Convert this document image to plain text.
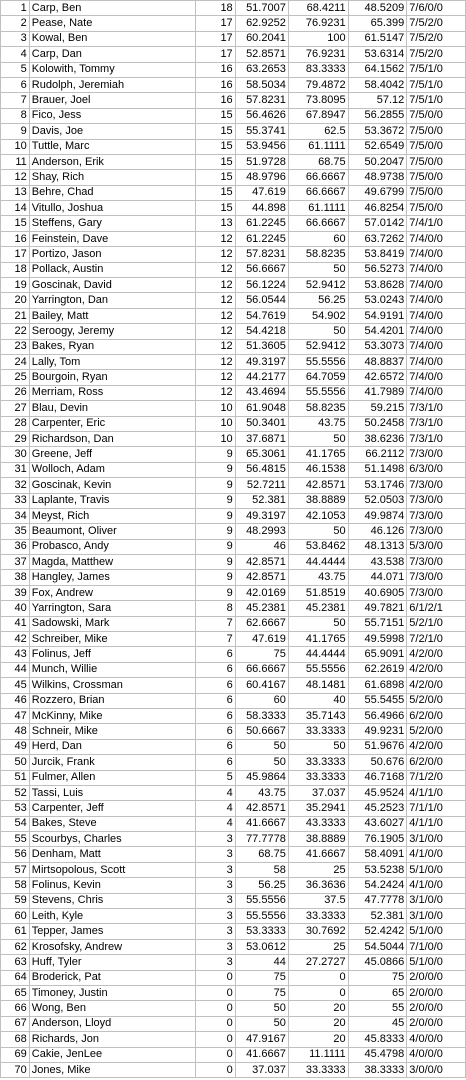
1	Carp, Ben	18	51.7007	68.4211	48.5209	7/6/0/0
2	Pease, Nate	17	62.9252	76.9231	65.399	7/5/2/0
3	Kowal, Ben	17	60.2041	100	61.5147	7/5/2/0
4	Carp, Dan	17	52.8571	76.9231	53.6314	7/5/2/0
5	Kolowith, Tommy	16	63.2653	83.3333	64.1562	7/5/1/0
6	Rudolph, Jeremiah	16	58.5034	79.4872	58.4042	7/5/1/0
7	Brauer, Joel	16	57.8231	73.8095	57.12	7/5/1/0
8	Fico, Jess	15	56.4626	67.8947	56.2855	7/5/0/0
9	Davis, Joe	15	55.3741	62.5	53.3672	7/5/0/0
10	Tuttle, Marc	15	53.9456	61.1111	52.6549	7/5/0/0
11	Anderson, Erik	15	51.9728	68.75	50.2047	7/5/0/0
12	Shay, Rich	15	48.9796	66.6667	48.9738	7/5/0/0
13	Behre, Chad	15	47.619	66.6667	49.6799	7/5/0/0
14	Vitullo, Joshua	15	44.898	61.1111	46.8254	7/5/0/0
15	Steffens, Gary	13	61.2245	66.6667	57.0142	7/4/1/0
16	Feinstein, Dave	12	61.2245	60	63.7262	7/4/0/0
17	Portizo, Jason	12	57.8231	58.8235	53.8419	7/4/0/0
18	Pollack, Austin	12	56.6667	50	56.5273	7/4/0/0
19	Goscinak, David	12	56.1224	52.9412	53.8628	7/4/0/0
20	Yarrington, Dan	12	56.0544	56.25	53.0243	7/4/0/0
21	Bailey, Matt	12	54.7619	54.902	54.9191	7/4/0/0
22	Seroogy, Jeremy	12	54.4218	50	54.4201	7/4/0/0
23	Bakes, Ryan	12	51.3605	52.9412	53.3073	7/4/0/0
24	Lally, Tom	12	49.3197	55.5556	48.8837	7/4/0/0
25	Bourgoin, Ryan	12	44.2177	64.7059	42.6572	7/4/0/0
26	Merriam, Ross	12	43.4694	55.5556	41.7989	7/4/0/0
27	Blau, Devin	10	61.9048	58.8235	59.215	7/3/1/0
28	Carpenter, Eric	10	50.3401	43.75	50.2458	7/3/1/0
29	Richardson, Dan	10	37.6871	50	38.6236	7/3/1/0
30	Greene, Jeff	9	65.3061	41.1765	66.2112	7/3/0/0
31	Wolloch, Adam	9	56.4815	46.1538	51.1498	6/3/0/0
32	Goscinak, Kevin	9	52.7211	42.8571	53.1746	7/3/0/0
33	Laplante, Travis	9	52.381	38.8889	52.0503	7/3/0/0
34	Meyst, Rich	9	49.3197	42.1053	49.9874	7/3/0/0
35	Beaumont, Oliver	9	48.2993	50	46.126	7/3/0/0
36	Probasco, Andy	9	46	53.8462	48.1313	5/3/0/0
37	Magda, Matthew	9	42.8571	44.4444	43.538	7/3/0/0
38	Hangley, James	9	42.8571	43.75	44.071	7/3/0/0
39	Fox, Andrew	9	42.0169	51.8519	40.6905	7/3/0/0
40	Yarrington, Sara	8	45.2381	45.2381	49.7821	6/1/2/1
41	Sadowski, Mark	7	62.6667	50	55.7151	5/2/1/0
42	Schreiber, Mike	7	47.619	41.1765	49.5998	7/2/1/0
43	Folinus, Jeff	6	75	44.4444	65.9091	4/2/0/0
44	Munch, Willie	6	66.6667	55.5556	62.2619	4/2/0/0
45	Wilkins, Crossman	6	60.4167	48.1481	61.6898	4/2/0/0
46	Rozzero, Brian	6	60	40	55.5455	5/2/0/0
47	McKinny, Mike	6	58.3333	35.7143	56.4966	6/2/0/0
48	Schneir, Mike	6	50.6667	33.3333	49.9231	5/2/0/0
49	Herd, Dan	6	50	50	51.9676	4/2/0/0
50	Jurcik, Frank	6	50	33.3333	50.676	6/2/0/0
51	Fulmer, Allen	5	45.9864	33.3333	46.7168	7/1/2/0
52	Tassi, Luis	4	43.75	37.037	45.9524	4/1/1/0
53	Carpenter, Jeff	4	42.8571	35.2941	45.2523	7/1/1/0
54	Bakes, Steve	4	41.6667	43.3333	43.6027	4/1/1/0
55	Scourbys, Charles	3	77.7778	38.8889	76.1905	3/1/0/0
56	Denham, Matt	3	68.75	41.6667	58.4091	4/1/0/0
57	Mirtsopolous, Scott	3	58	25	53.5238	5/1/0/0
58	Folinus, Kevin	3	56.25	36.3636	54.2424	4/1/0/0
59	Stevens, Chris	3	55.5556	37.5	47.7778	3/1/0/0
60	Leith, Kyle	3	55.5556	33.3333	52.381	3/1/0/0
61	Tepper, James	3	53.3333	30.7692	52.4242	5/1/0/0
62	Krosofsky, Andrew	3	53.0612	25	54.5044	7/1/0/0
63	Huff, Tyler	3	44	27.2727	45.0866	5/1/0/0
64	Broderick, Pat	0	75	0	75	2/0/0/0
65	Timoney, Justin	0	75	0	65	2/0/0/0
66	Wong, Ben	0	50	20	55	2/0/0/0
67	Anderson, Lloyd	0	50	20	45	2/0/0/0
68	Richards, Jon	0	47.9167	20	45.8333	4/0/0/0
69	Cakie, JenLee	0	41.6667	11.1111	45.4798	4/0/0/0
70	Jones, Mike	0	37.037	33.3333	38.3333	3/0/0/0
